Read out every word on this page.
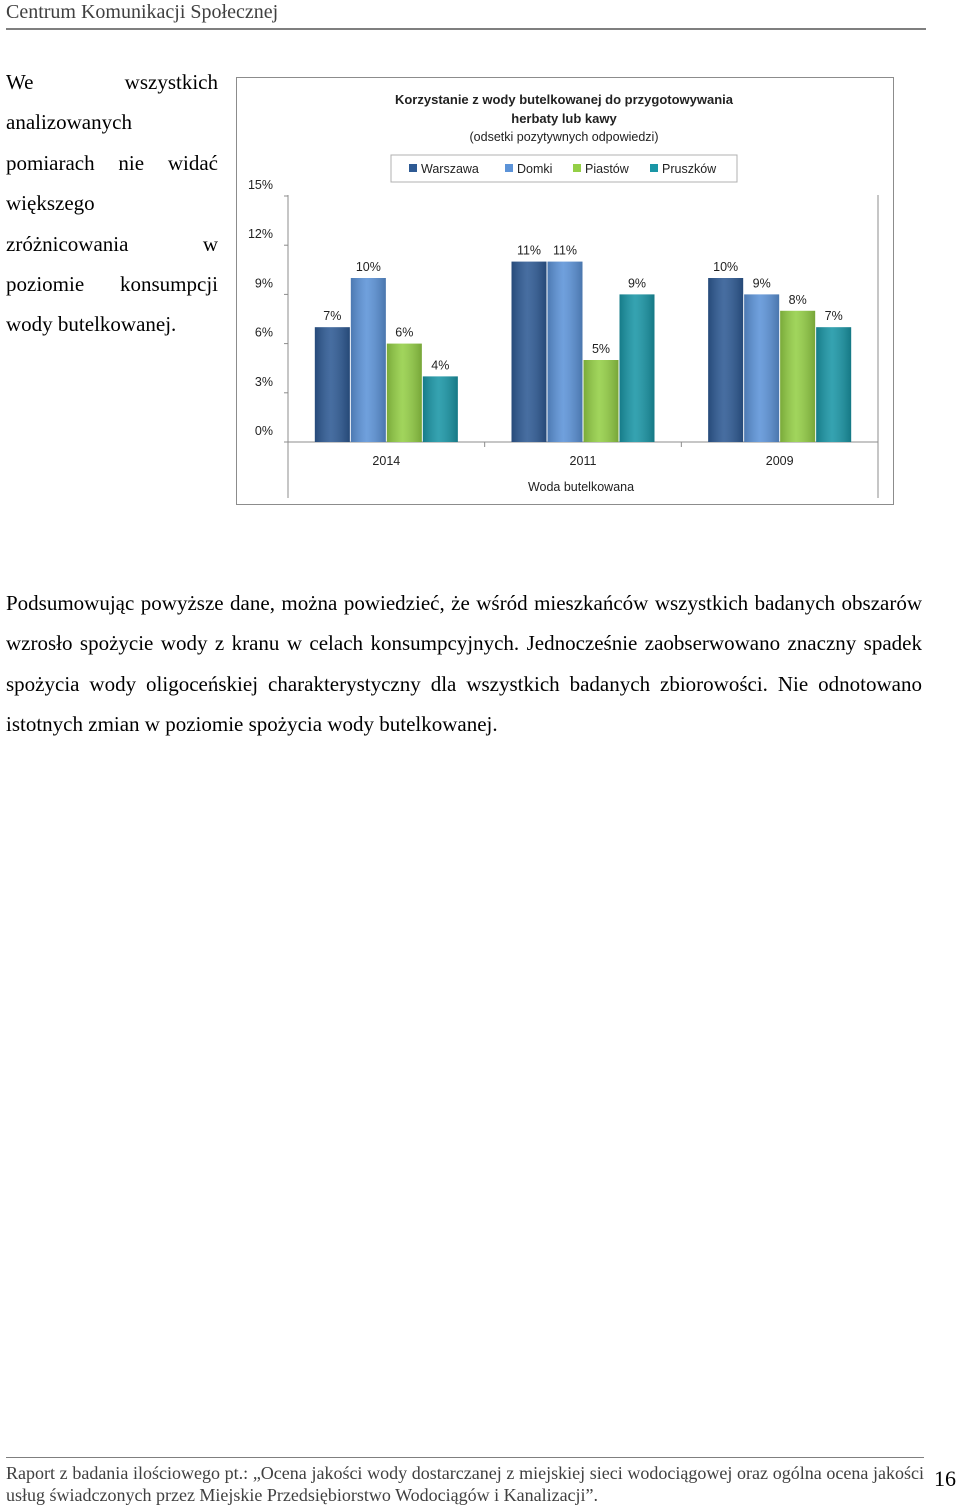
Centrum Komunikacji Społecznej
We wszystkich analizowanych pomiarach nie widać większego zróżnicowania w poziomie konsumpcji wody butelkowanej.
Korzystanie z wody butelkowanej do przygotowywania
herbaty lub kawy
(odsetki pozytywnych odpowiedzi)
Warszawa	Domki	Piastów	Pruszków
0%
3%
6%
9%
12%
15%
7%
10%
6%
4%
11% 11%
5%
9%
10%
9%
8%
7%
2014	2011	2009
Woda butelkowana
Podsumowując powyższe dane, można powiedzieć, że wśród mieszkańców wszystkich badanych obszarów wzrosło spożycie wody z kranu w celach konsumpcyjnych. Jednocześnie zaobserwowano znaczny spadek spożycia wody oligoceńskiej charakterystyczny dla wszystkich badanych zbiorowości. Nie odnotowano istotnych zmian w poziomie spożycia wody butelkowanej.
Raport z badania ilościowego pt.: „Ocena jakości wody dostarczanej z miejskiej sieci wodociągowej oraz ogólna ocena jakości usług świadczonych przez Miejskie Przedsiębiorstwo Wodociągów i Kanalizacji”.
16
